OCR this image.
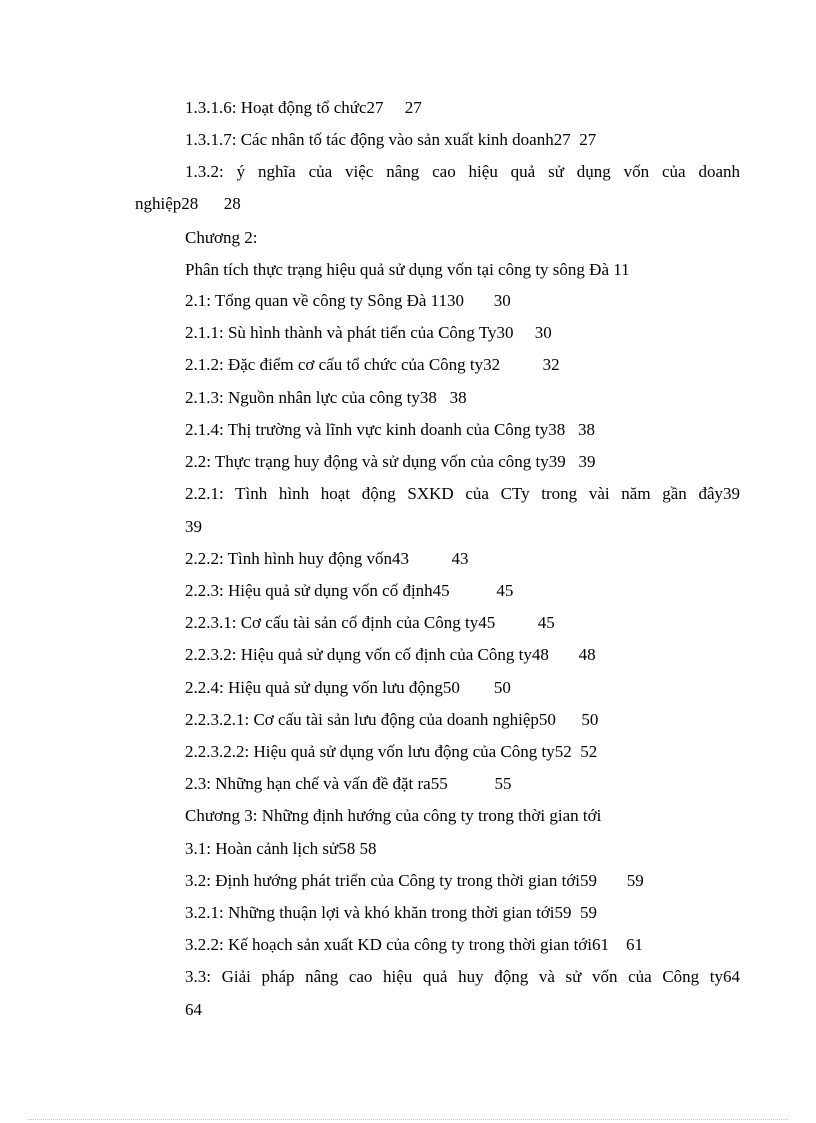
1.3.1.6: Hoạt động tổ chức27     27
1.3.1.7: Các nhân tố tác động vào sản xuất kinh doanh27  27
1.3.2: ý nghĩa của việc nâng cao hiệu quả sử dụng vốn của doanh
nghiệp28      28
Chương 2:
Phân tích thực trạng hiệu quả sử dụng vốn tại công ty sông Đà 11
2.1: Tổng quan về công ty Sông Đà 1130       30
2.1.1: Sù hình thành và phát tiển của Công Ty30     30
2.1.2: Đặc điểm cơ cấu tổ chức của Công ty32          32
2.1.3: Nguồn nhân lực của công ty38   38
2.1.4: Thị trường và lĩnh vực kinh doanh của Công ty38   38
2.2: Thực trạng huy động và sử dụng vốn của công ty39   39
2.2.1: Tình hình hoạt động SXKD của CTy trong vài năm gần đây39
39
2.2.2: Tình hình huy động vốn43          43
2.2.3: Hiệu quả sử dụng vốn cố định45           45
2.2.3.1: Cơ cấu tài sản cố định của Công ty45          45
2.2.3.2: Hiệu quả sử dụng vốn cố định của Công ty48       48
2.2.4: Hiệu quả sử dụng vốn lưu động50        50
2.2.3.2.1: Cơ cấu tài sản lưu động của doanh nghiệp50      50
2.2.3.2.2: Hiệu quả sử dụng vốn lưu động của Công ty52  52
2.3: Những hạn chế và vấn đề đặt ra55           55
Chương 3: Những định hướng của công ty trong thời gian tới
3.1: Hoàn cảnh lịch sử58 58
3.2: Định hướng phát triển của Công ty trong thời gian tới59       59
3.2.1: Những thuận lợi và khó khăn trong thời gian tới59  59
3.2.2: Kế hoạch sản xuất KD của công ty trong thời gian tới61    61
3.3: Giải pháp nâng cao hiệu quả huy động và sử vốn của Công ty64
64
